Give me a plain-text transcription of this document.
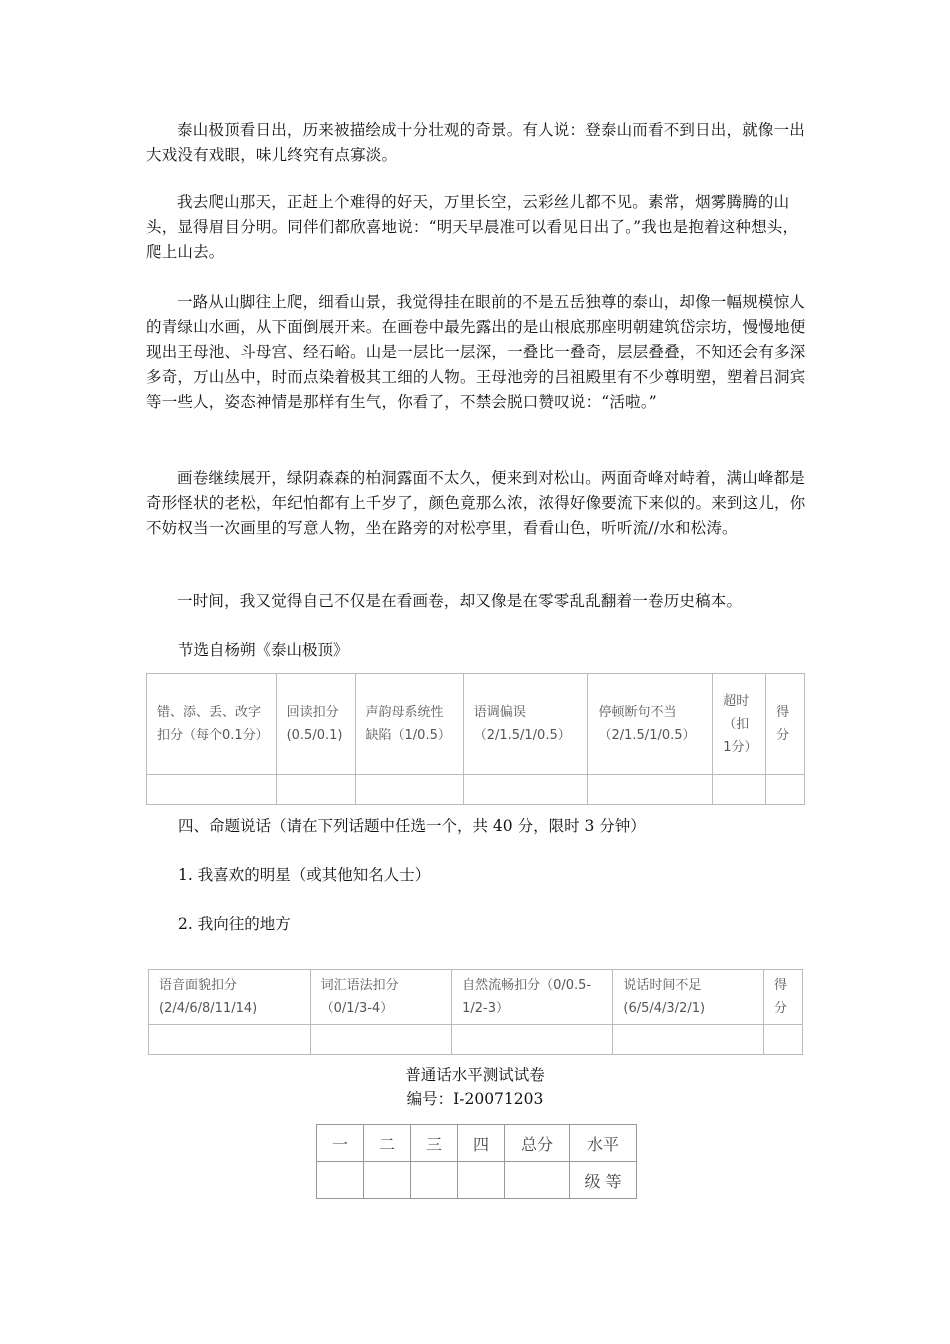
泰山极顶看日出，历来被描绘成十分壮观的奇景。有人说：登泰山而看不到日出，就像一出大戏没有戏眼，味儿终究有点寡淡。

我去爬山那天，正赶上个难得的好天，万里长空，云彩丝儿都不见。素常，烟雾腾腾的山头，显得眉目分明。同伴们都欣喜地说：“明天早晨准可以看见日出了。”我也是抱着这种想头，爬上山去。

一路从山脚往上爬，细看山景，我觉得挂在眼前的不是五岳独尊的泰山，却像一幅规模惊人的青绿山水画，从下面倒展开来。在画卷中最先露出的是山根底那座明朝建筑岱宗坊，慢慢地便现出王母池、斗母宫、经石峪。山是一层比一层深，一叠比一叠奇，层层叠叠，不知还会有多深多奇，万山丛中，时而点染着极其工细的人物。王母池旁的吕祖殿里有不少尊明塑，塑着吕洞宾等一些人，姿态神情是那样有生气，你看了，不禁会脱口赞叹说：“活啦。”

画卷继续展开，绿阴森森的柏洞露面不太久，便来到对松山。两面奇峰对峙着，满山峰都是奇形怪状的老松，年纪怕都有上千岁了，颜色竟那么浓，浓得好像要流下来似的。来到这儿，你不妨权当一次画里的写意人物，坐在路旁的对松亭里，看看山色，听听流//水和松涛。

一时间，我又觉得自己不仅是在看画卷，却又像是在零零乱乱翻着一卷历史稿本。

节选自杨朔《泰山极顶》

错、添、丢、改字扣分（每个0.1分）	回读扣分(0.5/0.1)	声韵母系统性缺陷（1/0.5）	语调偏误（2/1.5/1/0.5）	停顿断句不当（2/1.5/1/0.5）	超时（扣1分）	得分

四、命题说话（请在下列话题中任选一个，共 40 分，限时 3 分钟）

1. 我喜欢的明星（或其他知名人士）

2. 我向往的地方

语音面貌扣分(2/4/6/8/11/14)	词汇语法扣分（0/1/3-4）	自然流畅扣分（0/0.5-1/2-3）	说话时间不足(6/5/4/3/2/1)	得分

普通话水平测试试卷

编号：I-20071203

一	二	三	四	总分	水平
					级 等
